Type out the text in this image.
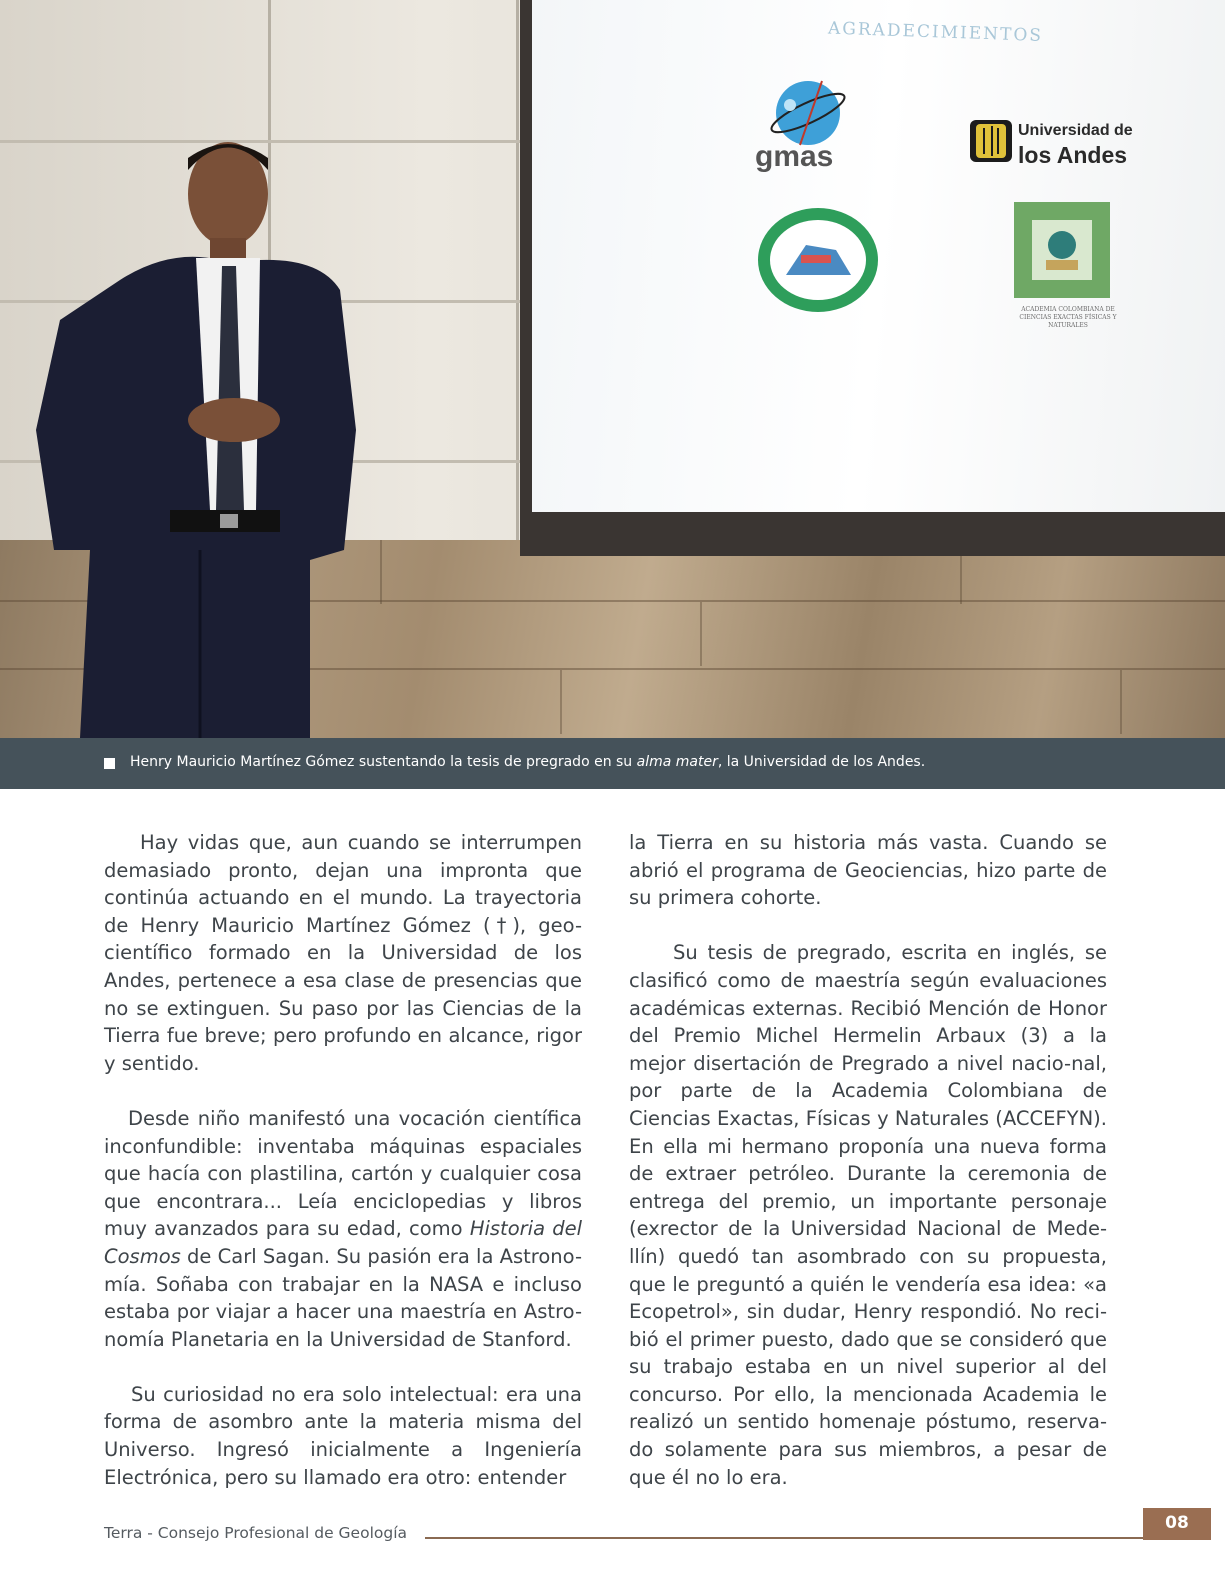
AGRADECIMIENTOS
gmas
Universidad de
los Andes
ACADEMIA COLOMBIANA DE CIENCIAS EXACTAS FÍSICAS Y NATURALES
Henry Mauricio Martínez Gómez sustentando la tesis de pregrado en su alma mater, la Universidad de los Andes.

Hay vidas que, aun cuando se interrumpen demasiado pronto, dejan una impronta que continúa actuando en el mundo. La trayectoria de Henry Mauricio Martínez Gómez (†), geo-científico formado en la Universidad de los Andes, pertenece a esa clase de presencias que no se extinguen. Su paso por las Ciencias de la Tierra fue breve; pero profundo en alcance, rigor y sentido.

Desde niño manifestó una vocación científica inconfundible: inventaba máquinas espaciales que hacía con plastilina, cartón y cualquier cosa que encontrara... Leía enciclopedias y libros muy avanzados para su edad, como Historia del Cosmos de Carl Sagan. Su pasión era la Astrono-mía. Soñaba con trabajar en la NASA e incluso estaba por viajar a hacer una maestría en Astro-nomía Planetaria en la Universidad de Stanford.

Su curiosidad no era solo intelectual: era una forma de asombro ante la materia misma del Universo. Ingresó inicialmente a Ingeniería Electrónica, pero su llamado era otro: entender

la Tierra en su historia más vasta. Cuando se abrió el programa de Geociencias, hizo parte de su primera cohorte.

Su tesis de pregrado, escrita en inglés, se clasificó como de maestría según evaluaciones académicas externas. Recibió Mención de Honor del Premio Michel Hermelin Arbaux (3) a la mejor disertación de Pregrado a nivel nacio-nal, por parte de la Academia Colombiana de Ciencias Exactas, Físicas y Naturales (ACCEFYN). En ella mi hermano proponía una nueva forma de extraer petróleo. Durante la ceremonia de entrega del premio, un importante personaje (exrector de la Universidad Nacional de Mede-llín) quedó tan asombrado con su propuesta, que le preguntó a quién le vendería esa idea: «a Ecopetrol», sin dudar, Henry respondió. No reci-bió el primer puesto, dado que se consideró que su trabajo estaba en un nivel superior al del concurso. Por ello, la mencionada Academia le realizó un sentido homenaje póstumo, reserva-do solamente para sus miembros, a pesar de que él no lo era.

Terra - Consejo Profesional de Geología	08
